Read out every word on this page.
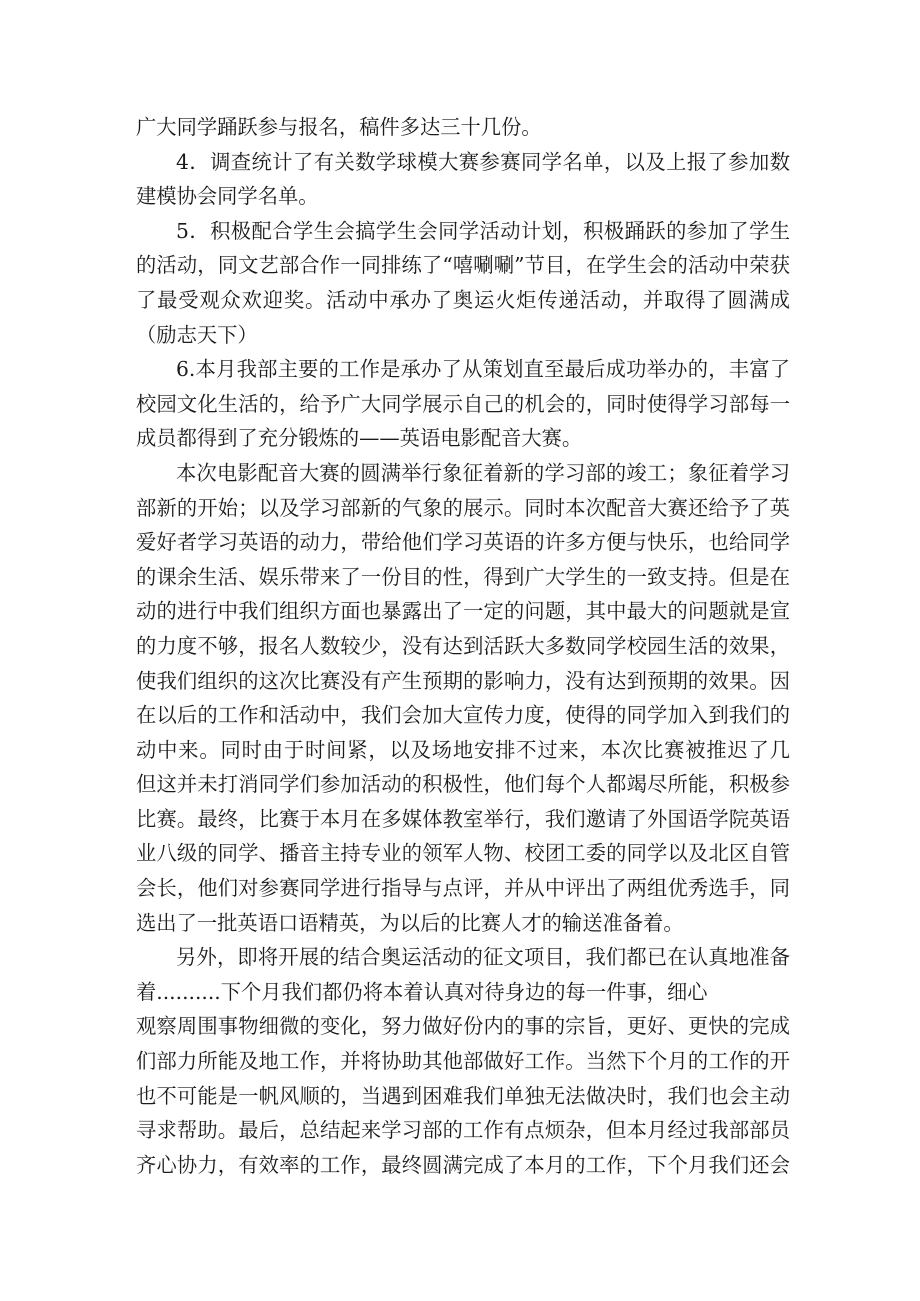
广大同学踊跃参与报名，稿件多达三十几份。
4．调查统计了有关数学球模大赛参赛同学名单，以及上报了参加数
建模协会同学名单。
5．积极配合学生会搞学生会同学活动计划，积极踊跃的参加了学生
的活动，同文艺部合作一同排练了“嘻唰唰”节目，在学生会的活动中荣获
了最受观众欢迎奖。活动中承办了奥运火炬传递活动，并取得了圆满成
（励志天下）
6.本月我部主要的工作是承办了从策划直至最后成功举办的，丰富了
校园文化生活的，给予广大同学展示自己的机会的，同时使得学习部每一
成员都得到了充分锻炼的——英语电影配音大赛。
本次电影配音大赛的圆满举行象征着新的学习部的竣工；象征着学习
部新的开始；以及学习部新的气象的展示。同时本次配音大赛还给予了英
爱好者学习英语的动力，带给他们学习英语的许多方便与快乐，也给同学
的课余生活、娱乐带来了一份目的性，得到广大学生的一致支持。但是在
动的进行中我们组织方面也暴露出了一定的问题，其中最大的问题就是宣
的力度不够，报名人数较少，没有达到活跃大多数同学校园生活的效果，
使我们组织的这次比赛没有产生预期的影响力，没有达到预期的效果。因
在以后的工作和活动中，我们会加大宣传力度，使得的同学加入到我们的
动中来。同时由于时间紧，以及场地安排不过来，本次比赛被推迟了几
但这并未打消同学们参加活动的积极性，他们每个人都竭尽所能，积极参
比赛。最终，比赛于本月在多媒体教室举行，我们邀请了外国语学院英语
业八级的同学、播音主持专业的领军人物、校团工委的同学以及北区自管
会长，他们对参赛同学进行指导与点评，并从中评出了两组优秀选手，同
选出了一批英语口语精英，为以后的比赛人才的输送准备着。
另外，即将开展的结合奥运活动的征文项目，我们都已在认真地准备
着..........下个月我们都仍将本着认真对待身边的每一件事，细心
观察周围事物细微的变化，努力做好份内的事的宗旨，更好、更快的完成
们部力所能及地工作，并将协助其他部做好工作。当然下个月的工作的开
也不可能是一帆风顺的，当遇到困难我们单独无法做决时，我们也会主动
寻求帮助。最后，总结起来学习部的工作有点烦杂，但本月经过我部部员
齐心协力，有效率的工作，最终圆满完成了本月的工作，下个月我们还会
